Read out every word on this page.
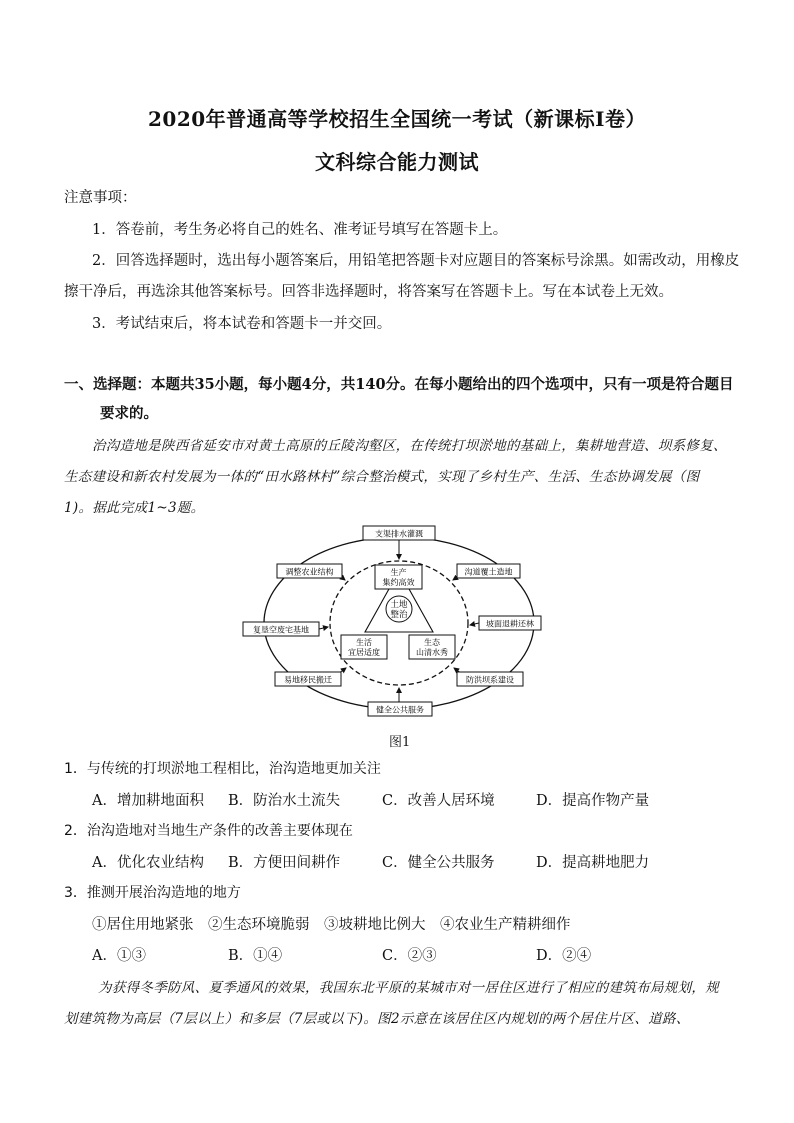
2020年普通高等学校招生全国统一考试（新课标Ⅰ卷）
文科综合能力测试
注意事项：
1．答卷前，考生务必将自己的姓名、准考证号填写在答题卡上。
2．回答选择题时，选出每小题答案后，用铅笔把答题卡对应题目的答案标号涂黑。如需改动，用橡皮
擦干净后，再选涂其他答案标号。回答非选择题时，将答案写在答题卡上。写在本试卷上无效。
3．考试结束后，将本试卷和答题卡一并交回。
一、选择题：本题共35小题，每小题4分，共140分。在每小题给出的四个选项中，只有一项是符合题目
要求的。
治沟造地是陕西省延安市对黄土高原的丘陵沟壑区，在传统打坝淤地的基础上，集耕地营造、坝系修复、
生态建设和新农村发展为一体的“田水路林村”综合整治模式，实现了乡村生产、生活、生态协调发展（图
1)。据此完成1~3题。
土地
整治
生产
集约高效
生活
宜居适度
生态
山清水秀
支渠排水灌溉
调整农业结构	沟道覆土造地
复垦空废宅基地
坡面退耕还林
易地移民搬迁	防洪坝系建设
健全公共服务
图1
1．与传统的打坝淤地工程相比，治沟造地更加关注
A．增加耕地面积 B．防治水土流失	C．改善人居环境	D．提高作物产量
2．治沟造地对当地生产条件的改善主要体现在
A．优化农业结构 B．方便田间耕作	C．健全公共服务	D．提高耕地肥力
3．推测开展治沟造地的地方
①居住用地紧张　②生态环境脆弱　③坡耕地比例大　④农业生产精耕细作
A．①③	B．①④	C．②③	D．②④
为获得冬季防风、夏季通风的效果，我国东北平原的某城市对一居住区进行了相应的建筑布局规划，规
划建筑物为高层（7层以上）和多层（7层或以下)。图2示意在该居住区内规划的两个居住片区、道路、
